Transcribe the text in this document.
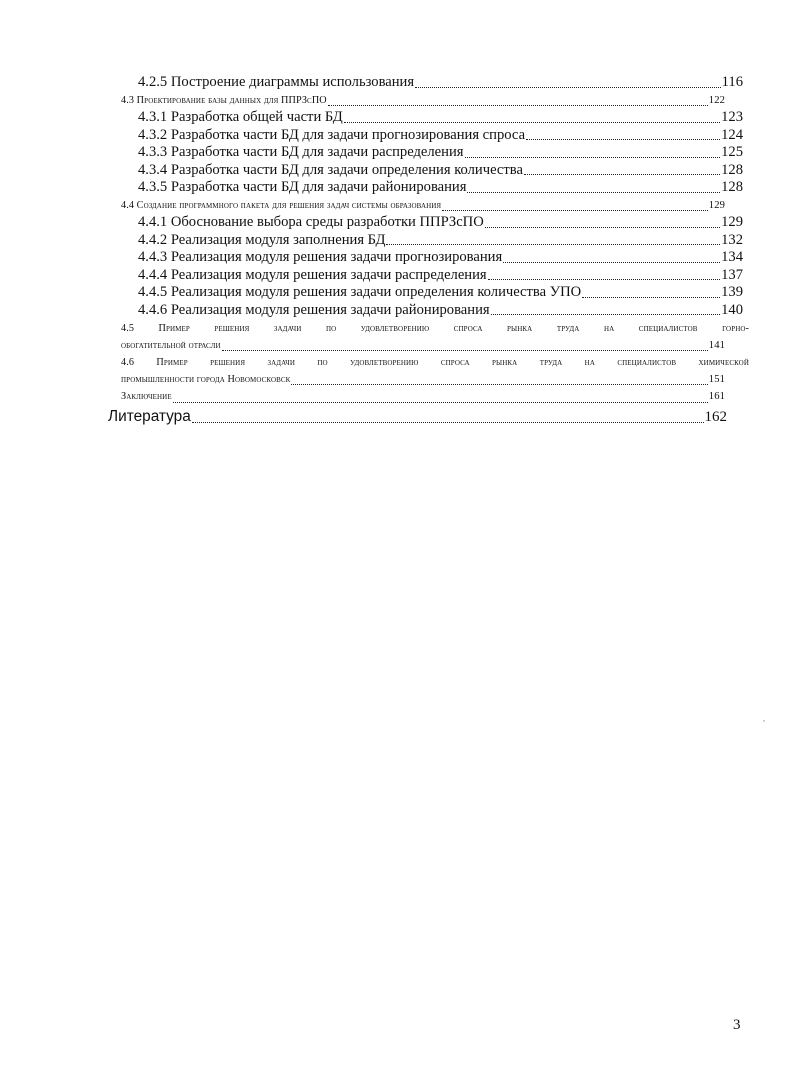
4.2.5 Построение диаграммы использования	116
4.3 Проектирование базы данных для ППРЗсПО	122
4.3.1 Разработка общей части БД	123
4.3.2 Разработка части БД для задачи прогнозирования спроса	124
4.3.3 Разработка части БД для задачи распределения	125
4.3.4 Разработка части БД для задачи определения количества	128
4.3.5 Разработка части БД для задачи районирования	128
4.4 Создание программного пакета для решения задач системы образования	129
4.4.1 Обоснование выбора среды разработки ППРЗсПО	129
4.4.2 Реализация модуля заполнения БД	132
4.4.3 Реализация модуля решения задачи прогнозирования	134
4.4.4 Реализация модуля решения задачи распределения	137
4.4.5 Реализация модуля решения задачи определения количества УПО	139
4.4.6 Реализация модуля решения задачи районирования	140
4.5 Пример решения задачи по удовлетворению спроса рынка труда на специалистов горно-
обогатительной отрасли	141
4.6 Пример решения задачи по удовлетворению спроса рынка труда на специалистов химической
промышленности города Новомосковск	151
Заключение	161
Литература	162
,
3
